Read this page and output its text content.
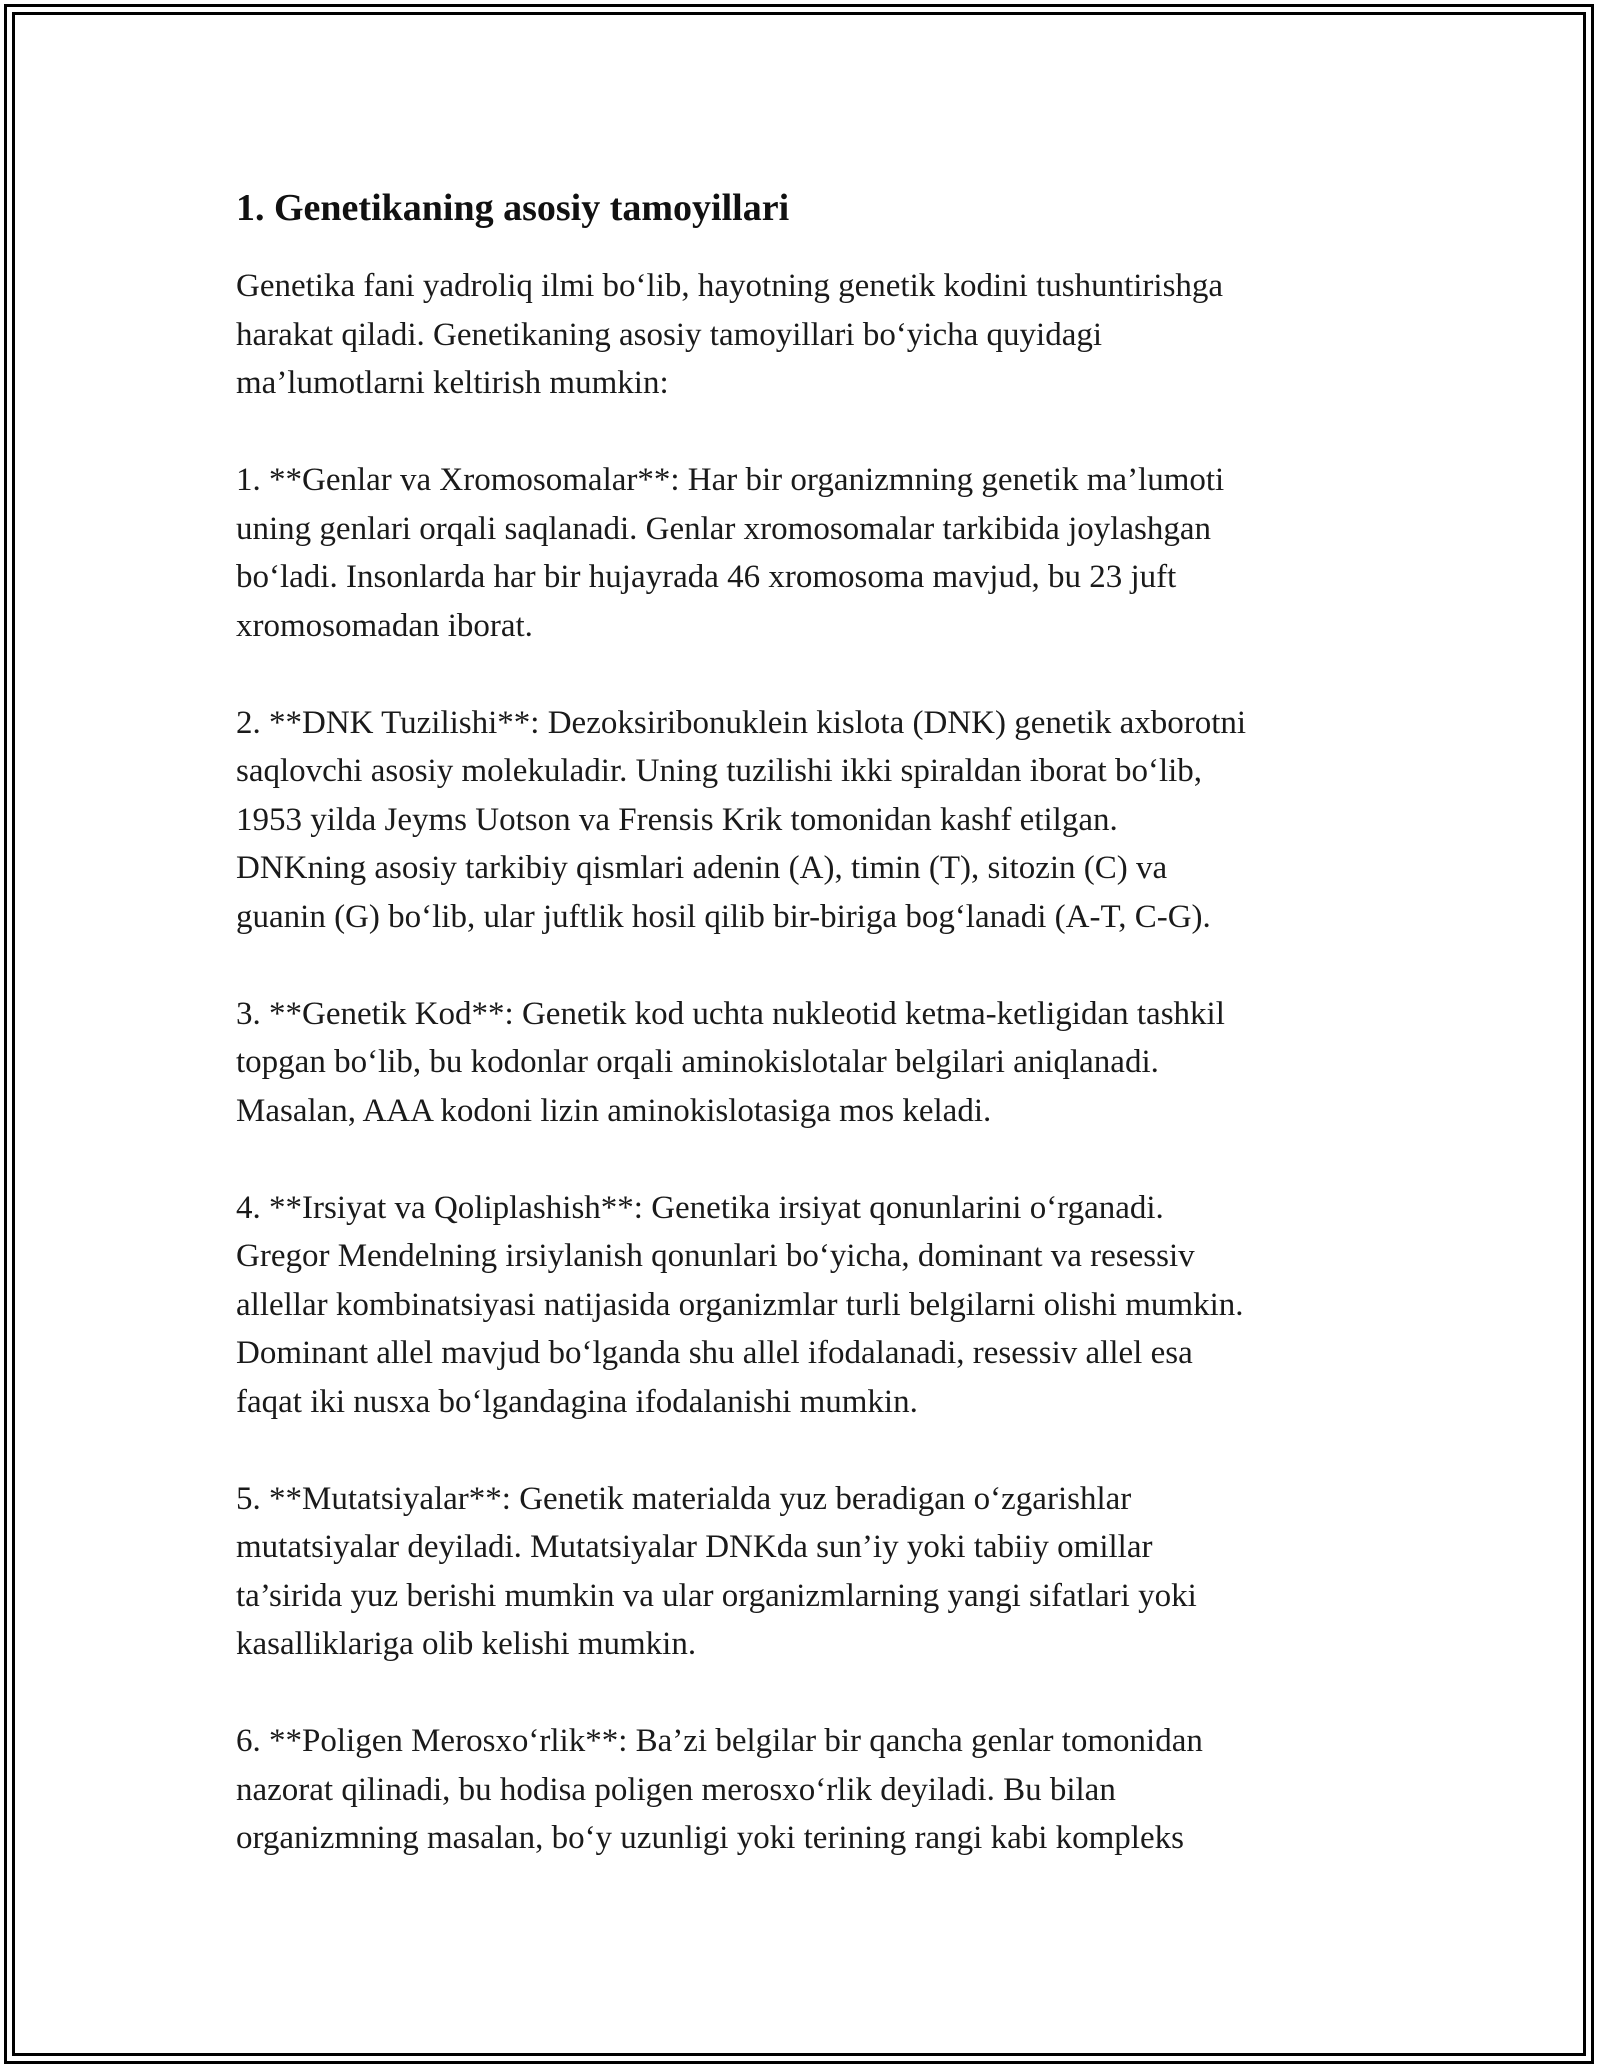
1. Genetikaning asosiy tamoyillari

Genetika fani yadroliq ilmi bo‘lib, hayotning genetik kodini tushuntirishga
harakat qiladi. Genetikaning asosiy tamoyillari bo‘yicha quyidagi
ma’lumotlarni keltirish mumkin:

1. **Genlar va Xromosomalar**: Har bir organizmning genetik ma’lumoti
uning genlari orqali saqlanadi. Genlar xromosomalar tarkibida joylashgan
bo‘ladi. Insonlarda har bir hujayrada 46 xromosoma mavjud, bu 23 juft
xromosomadan iborat.

2. **DNK Tuzilishi**: Dezoksiribonuklein kislota (DNK) genetik axborotni
saqlovchi asosiy molekuladir. Uning tuzilishi ikki spiraldan iborat bo‘lib,
1953 yilda Jeyms Uotson va Frensis Krik tomonidan kashf etilgan.
DNKning asosiy tarkibiy qismlari adenin (A), timin (T), sitozin (C) va
guanin (G) bo‘lib, ular juftlik hosil qilib bir-biriga bog‘lanadi (A-T, C-G).

3. **Genetik Kod**: Genetik kod uchta nukleotid ketma-ketligidan tashkil
topgan bo‘lib, bu kodonlar orqali aminokislotalar belgilari aniqlanadi.
Masalan, AAA kodoni lizin aminokislotasiga mos keladi.

4. **Irsiyat va Qoliplashish**: Genetika irsiyat qonunlarini o‘rganadi.
Gregor Mendelning irsiylanish qonunlari bo‘yicha, dominant va resessiv
allellar kombinatsiyasi natijasida organizmlar turli belgilarni olishi mumkin.
Dominant allel mavjud bo‘lganda shu allel ifodalanadi, resessiv allel esa
faqat iki nusxa bo‘lgandagina ifodalanishi mumkin.

5. **Mutatsiyalar**: Genetik materialda yuz beradigan o‘zgarishlar
mutatsiyalar deyiladi. Mutatsiyalar DNKda sun’iy yoki tabiiy omillar
ta’sirida yuz berishi mumkin va ular organizmlarning yangi sifatlari yoki
kasalliklariga olib kelishi mumkin.

6. **Poligen Merosxo‘rlik**: Ba’zi belgilar bir qancha genlar tomonidan
nazorat qilinadi, bu hodisa poligen merosxo‘rlik deyiladi. Bu bilan
organizmning masalan, bo‘y uzunligi yoki terining rangi kabi kompleks
